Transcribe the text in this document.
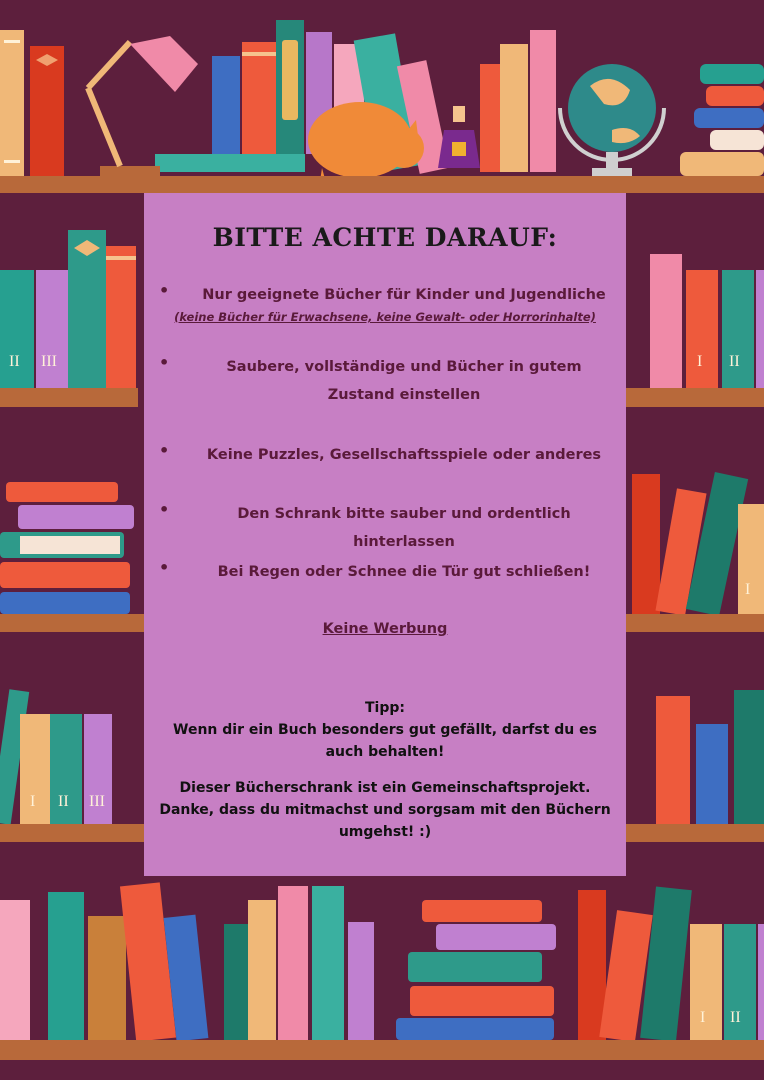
II III	I II
I
I II III
I II
BITTE ACHTE DARAUF:
•	Nur geeignete Bücher für Kinder und Jugendliche
(keine Bücher für Erwachsene, keine Gewalt- oder Horrorinhalte)
•	Saubere, vollständige und Bücher in gutem Zustand einstellen
•	Keine Puzzles, Gesellschaftsspiele oder anderes
•	Den Schrank bitte sauber und ordentlich hinterlassen
•	Bei Regen oder Schnee die Tür gut schließen!
Keine Werbung
Tipp:
Wenn dir ein Buch besonders gut gefällt, darfst du es auch behalten!
Dieser Bücherschrank ist ein Gemeinschaftsprojekt.
Danke, dass du mitmachst und sorgsam mit den Büchern umgehst! :)
